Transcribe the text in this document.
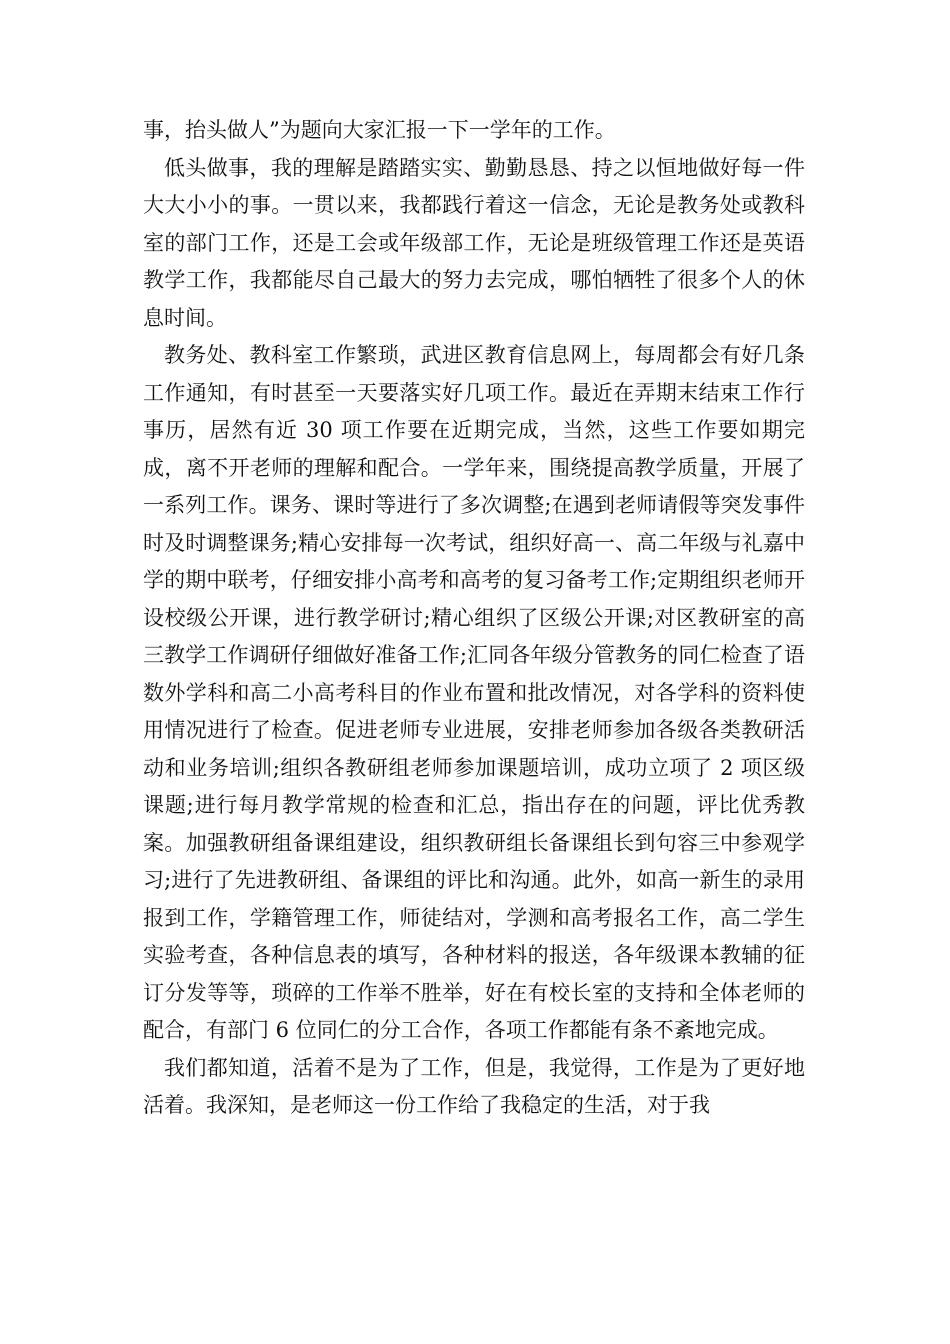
事，抬头做人”为题向大家汇报一下一学年的工作。

低头做事，我的理解是踏踏实实、勤勤恳恳、持之以恒地做好每一件大大小小的事。一贯以来，我都践行着这一信念，无论是教务处或教科室的部门工作，还是工会或年级部工作，无论是班级管理工作还是英语教学工作，我都能尽自己最大的努力去完成，哪怕牺牲了很多个人的休息时间。

教务处、教科室工作繁琐，武进区教育信息网上，每周都会有好几条工作通知，有时甚至一天要落实好几项工作。最近在弄期末结束工作行事历，居然有近 30 项工作要在近期完成，当然，这些工作要如期完成，离不开老师的理解和配合。一学年来，围绕提高教学质量，开展了一系列工作。课务、课时等进行了多次调整;在遇到老师请假等突发事件时及时调整课务;精心安排每一次考试，组织好高一、高二年级与礼嘉中学的期中联考，仔细安排小高考和高考的复习备考工作;定期组织老师开设校级公开课，进行教学研讨;精心组织了区级公开课;对区教研室的高三教学工作调研仔细做好准备工作;汇同各年级分管教务的同仁检查了语数外学科和高二小高考科目的作业布置和批改情况，对各学科的资料使用情况进行了检查。促进老师专业进展，安排老师参加各级各类教研活动和业务培训;组织各教研组老师参加课题培训，成功立项了 2 项区级课题;进行每月教学常规的检查和汇总，指出存在的问题，评比优秀教案。加强教研组备课组建设，组织教研组长备课组长到句容三中参观学习;进行了先进教研组、备课组的评比和沟通。此外，如高一新生的录用报到工作，学籍管理工作，师徒结对，学测和高考报名工作，高二学生实验考查，各种信息表的填写，各种材料的报送，各年级课本教辅的征订分发等等，琐碎的工作举不胜举，好在有校长室的支持和全体老师的配合，有部门 6 位同仁的分工合作，各项工作都能有条不紊地完成。

我们都知道，活着不是为了工作，但是，我觉得，工作是为了更好地活着。我深知，是老师这一份工作给了我稳定的生活，对于我
